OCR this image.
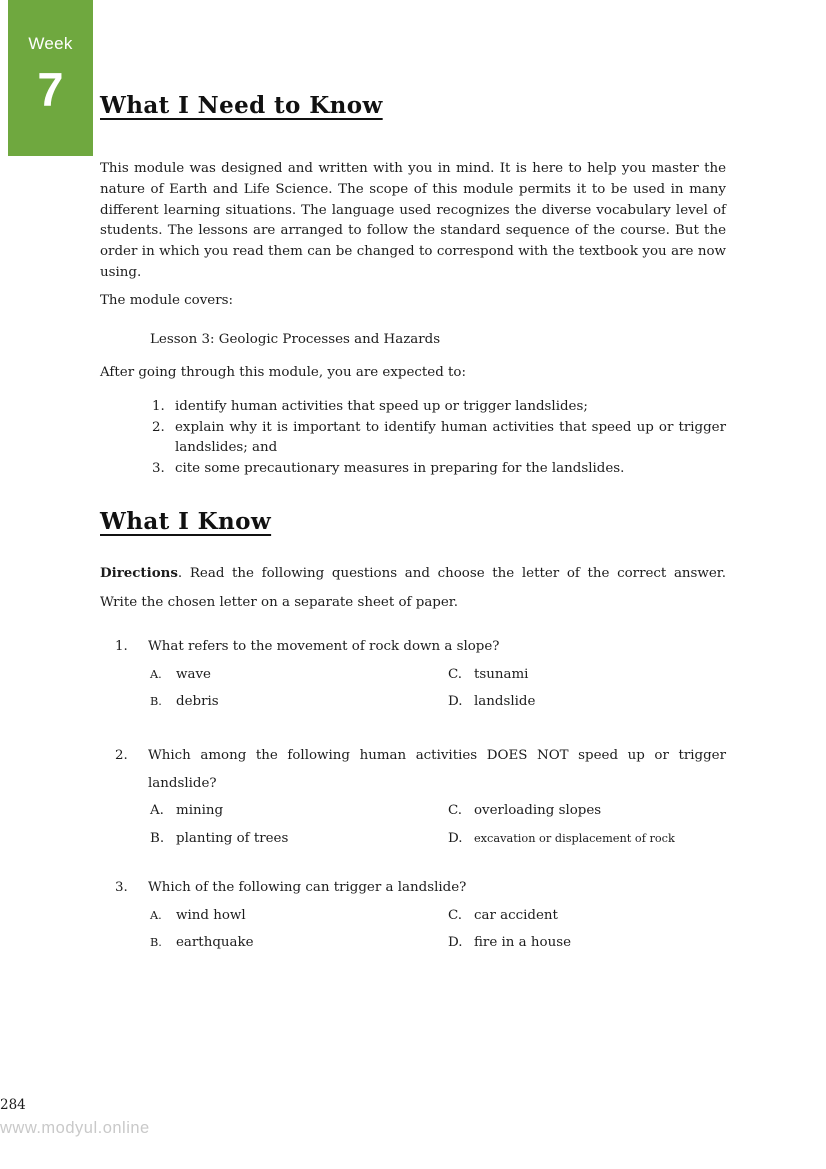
Week
7	What I Need to Know

This module was designed and written with you in mind. It is here to help you master the nature of Earth and Life Science. The scope of this module permits it to be used in many different learning situations. The language used recognizes the diverse vocabulary level of students. The lessons are arranged to follow the standard sequence of the course. But the order in which you read them can be changed to correspond with the textbook you are now using.

The module covers:

Lesson 3: Geologic Processes and Hazards

After going through this module, you are expected to:

1. identify human activities that speed up or trigger landslides;
2. explain why it is important to identify human activities that speed up or trigger landslides; and
3. cite some precautionary measures in preparing for the landslides.
What I Know

Directions. Read the following questions and choose the letter of the correct answer. Write the chosen letter on a separate sheet of paper.

1.	What refers to the movement of rock down a slope?
A. wave	C. tsunami
B. debris	D. landslide
2.	Which among the following human activities DOES NOT speed up or trigger landslide?
A. mining	C. overloading slopes
B. planting of trees	D. excavation or displacement of rock
3.	Which of the following can trigger a landslide?
A. wind howl	C. car accident
B. earthquake	D. fire in a house
284
www.modyul.online
